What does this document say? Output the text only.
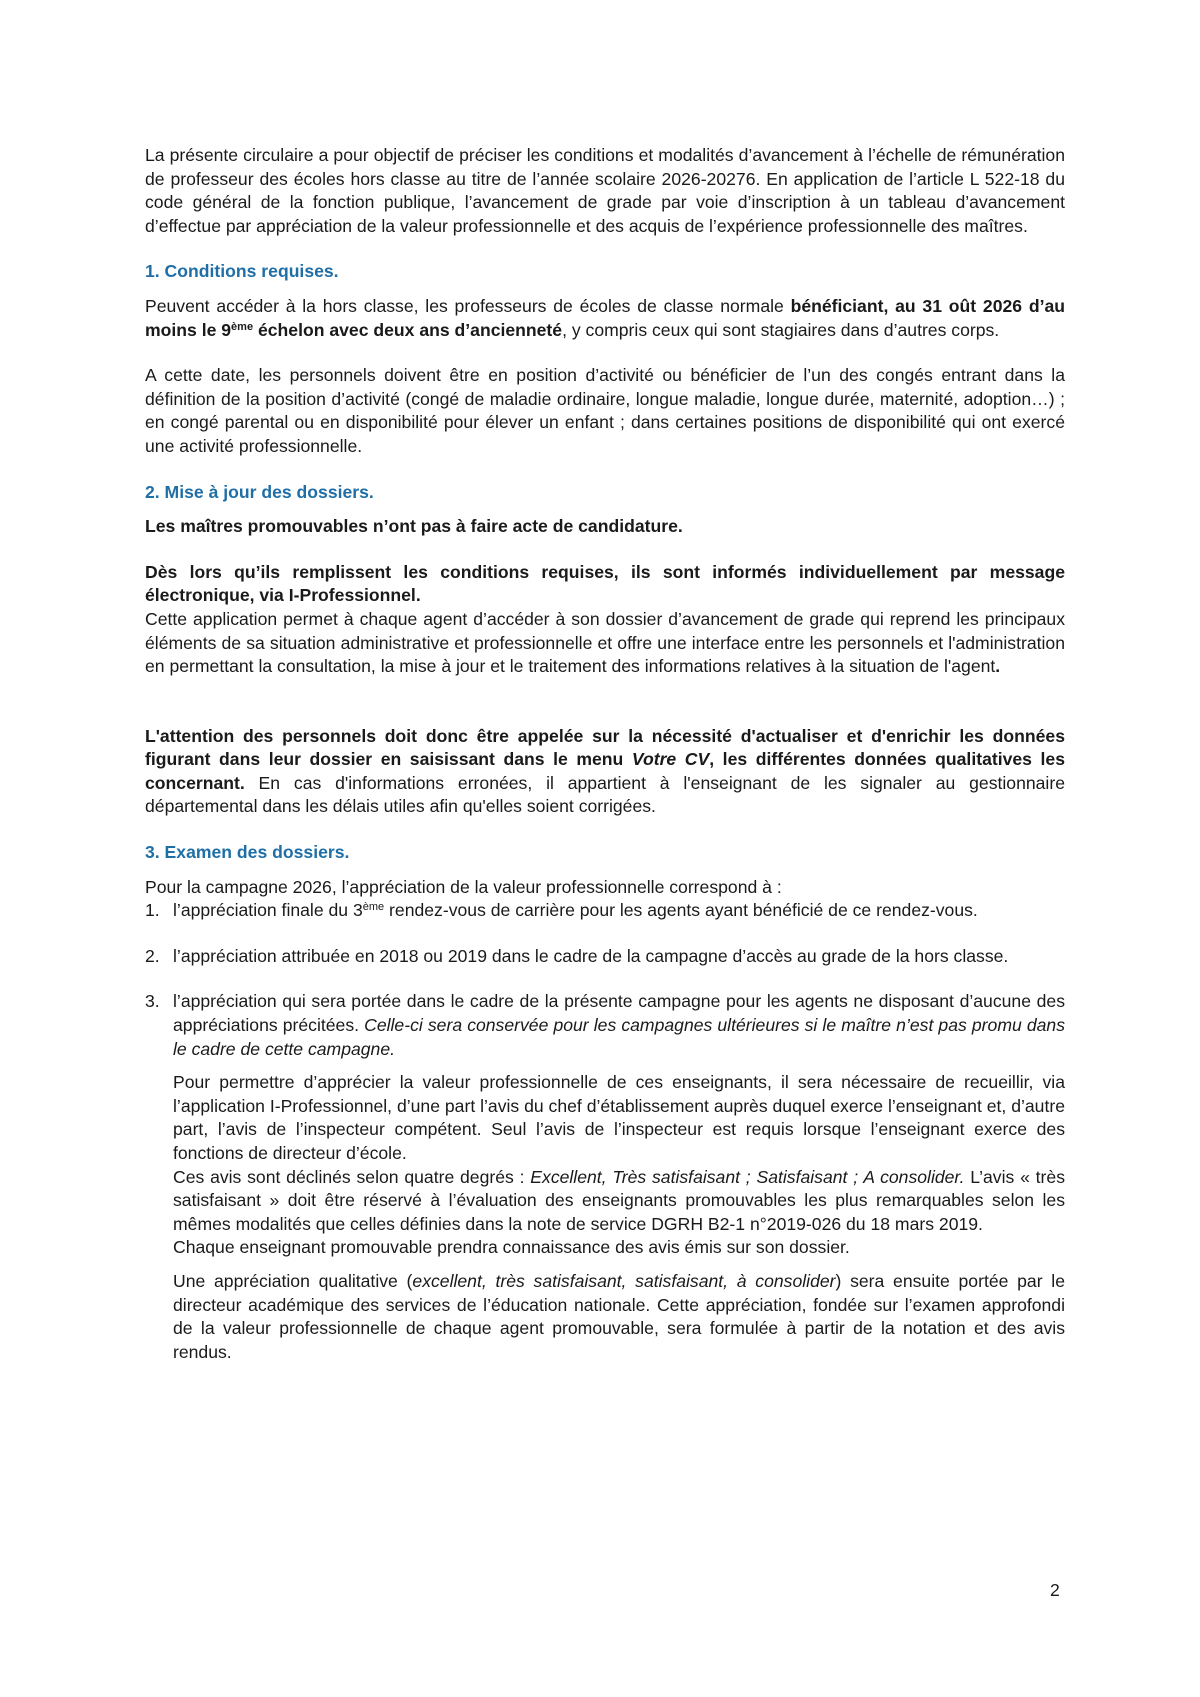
La présente circulaire a pour objectif de préciser les conditions et modalités d’avancement à l’échelle de rémunération de professeur des écoles hors classe au titre de l’année scolaire 2026-20276. En application de l’article L 522-18 du code général de la fonction publique, l’avancement de grade par voie d’inscription à un tableau d’avancement d’effectue par appréciation de la valeur professionnelle et des acquis de l’expérience professionnelle des maîtres.

1. Conditions requises.

Peuvent accéder à la hors classe, les professeurs de écoles de classe normale bénéficiant, au 31 oût 2026 d’au moins le 9ème échelon avec deux ans d’ancienneté, y compris ceux qui sont stagiaires dans d’autres corps.

A cette date, les personnels doivent être en position d’activité ou bénéficier de l’un des congés entrant dans la définition de la position d’activité (congé de maladie ordinaire, longue maladie, longue durée, maternité, adoption…) ; en congé parental ou en disponibilité pour élever un enfant ; dans certaines positions de disponibilité qui ont exercé une activité professionnelle.

2. Mise à jour des dossiers.

Les maîtres promouvables n’ont pas à faire acte de candidature.

Dès lors qu’ils remplissent les conditions requises, ils sont informés individuellement par message électronique, via I-Professionnel.
Cette application permet à chaque agent d’accéder à son dossier d’avancement de grade qui reprend les principaux éléments de sa situation administrative et professionnelle et offre une interface entre les personnels et l'administration en permettant la consultation, la mise à jour et le traitement des informations relatives à la situation de l'agent.

L'attention des personnels doit donc être appelée sur la nécessité d'actualiser et d'enrichir les données figurant dans leur dossier en saisissant dans le menu Votre CV, les différentes données qualitatives les concernant. En cas d'informations erronées, il appartient à l'enseignant de les signaler au gestionnaire départemental dans les délais utiles afin qu'elles soient corrigées.

3. Examen des dossiers.

Pour la campagne 2026, l’appréciation de la valeur professionnelle correspond à :

1. l’appréciation finale du 3ème rendez-vous de carrière pour les agents ayant bénéficié de ce rendez-vous.
2. l’appréciation attribuée en 2018 ou 2019 dans le cadre de la campagne d’accès au grade de la hors classe.
3. l’appréciation qui sera portée dans le cadre de la présente campagne pour les agents ne disposant d’aucune des appréciations précitées. Celle-ci sera conservée pour les campagnes ultérieures si le maître n’est pas promu dans le cadre de cette campagne.

Pour permettre d’apprécier la valeur professionnelle de ces enseignants, il sera nécessaire de recueillir, via l’application I-Professionnel, d’une part l’avis du chef d’établissement auprès duquel exerce l’enseignant et, d’autre part, l’avis de l’inspecteur compétent. Seul l’avis de l’inspecteur est requis lorsque l’enseignant exerce des fonctions de directeur d’école.

Ces avis sont déclinés selon quatre degrés : Excellent, Très satisfaisant ; Satisfaisant ; A consolider. L’avis « très satisfaisant » doit être réservé à l’évaluation des enseignants promouvables les plus remarquables selon les mêmes modalités que celles définies dans la note de service DGRH B2-1 n°2019-026 du 18 mars 2019.

Chaque enseignant promouvable prendra connaissance des avis émis sur son dossier.

Une appréciation qualitative (excellent, très satisfaisant, satisfaisant, à consolider) sera ensuite portée par le directeur académique des services de l’éducation nationale. Cette appréciation, fondée sur l’examen approfondi de la valeur professionnelle de chaque agent promouvable, sera formulée à partir de la notation et des avis rendus.

2
